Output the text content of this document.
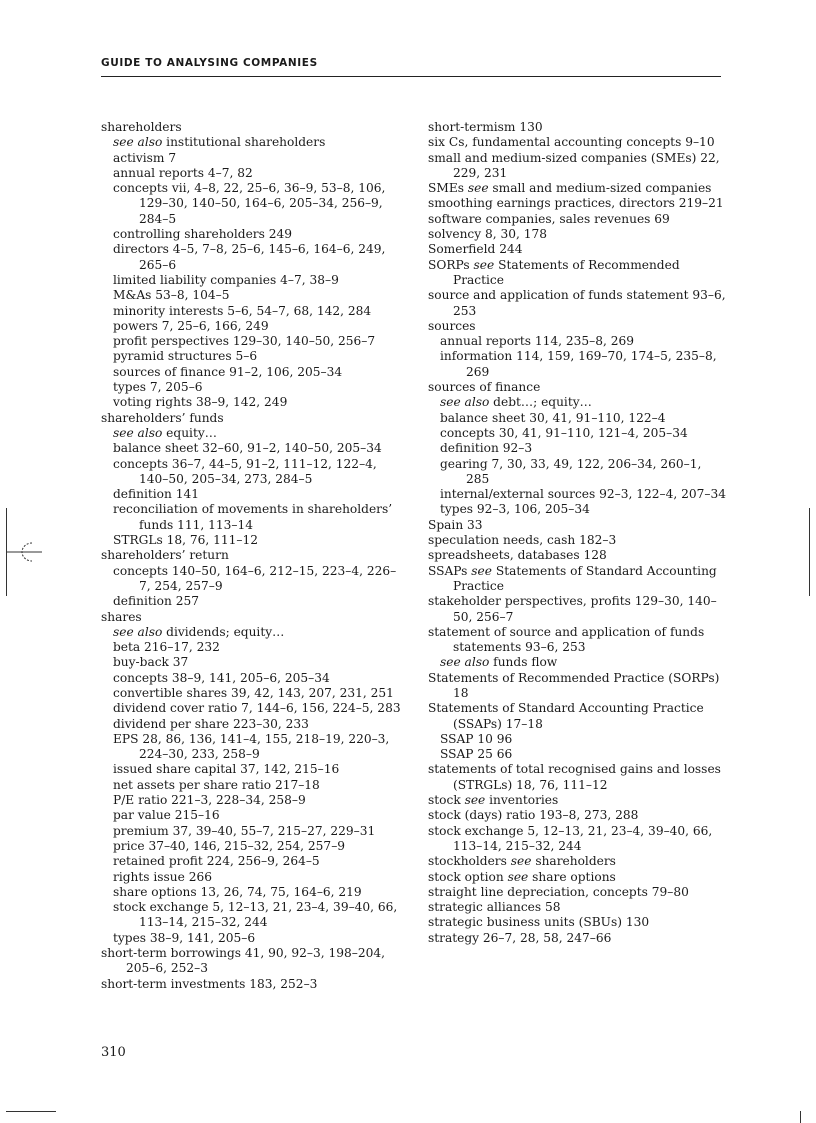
GUIDE TO ANALYSING COMPANIES

shareholders

see also institutional shareholders

activism 7

annual reports 4–7, 82

concepts vii, 4–8, 22, 25–6, 36–9, 53–8, 106, 129–30, 140–50, 164–6, 205–34, 256–9, 284–5

controlling shareholders 249

directors 4–5, 7–8, 25–6, 145–6, 164–6, 249, 265–6

limited liability companies 4–7, 38–9

M&As 53–8, 104–5

minority interests 5–6, 54–7, 68, 142, 284

powers 7, 25–6, 166, 249

profit perspectives 129–30, 140–50, 256–7

pyramid structures 5–6

sources of finance 91–2, 106, 205–34

types 7, 205–6

voting rights 38–9, 142, 249

shareholders’ funds

see also equity…

balance sheet 32–60, 91–2, 140–50, 205–34

concepts 36–7, 44–5, 91–2, 111–12, 122–4, 140–50, 205–34, 273, 284–5

definition 141

reconciliation of movements in shareholders’ funds 111, 113–14

STRGLs 18, 76, 111–12

shareholders’ return

concepts 140–50, 164–6, 212–15, 223–4, 226–7, 254, 257–9

definition 257

shares

see also dividends; equity…

beta 216–17, 232

buy-back 37

concepts 38–9, 141, 205–6, 205–34

convertible shares 39, 42, 143, 207, 231, 251

dividend cover ratio 7, 144–6, 156, 224–5, 283

dividend per share 223–30, 233

EPS 28, 86, 136, 141–4, 155, 218–19, 220–3, 224–30, 233, 258–9

issued share capital 37, 142, 215–16

net assets per share ratio 217–18

P/E ratio 221–3, 228–34, 258–9

par value 215–16

premium 37, 39–40, 55–7, 215–27, 229–31

price 37–40, 146, 215–32, 254, 257–9

retained profit 224, 256–9, 264–5

rights issue 266

share options 13, 26, 74, 75, 164–6, 219

stock exchange 5, 12–13, 21, 23–4, 39–40, 66, 113–14, 215–32, 244

types 38–9, 141, 205–6

short-term borrowings 41, 90, 92–3, 198–204, 205–6, 252–3

short-term investments 183, 252–3

short-termism 130

six Cs, fundamental accounting concepts 9–10

small and medium-sized companies (SMEs) 22, 229, 231

SMEs see small and medium-sized companies

smoothing earnings practices, directors 219–21

software companies, sales revenues 69

solvency 8, 30, 178

Somerfield 244

SORPs see Statements of Recommended Practice

source and application of funds statement 93–6, 253

sources

annual reports 114, 235–8, 269

information 114, 159, 169–70, 174–5, 235–8, 269

sources of finance

see also debt…; equity…

balance sheet 30, 41, 91–110, 122–4

concepts 30, 41, 91–110, 121–4, 205–34

definition 92–3

gearing 7, 30, 33, 49, 122, 206–34, 260–1, 285

internal/external sources 92–3, 122–4, 207–34

types 92–3, 106, 205–34

Spain 33

speculation needs, cash 182–3

spreadsheets, databases 128

SSAPs see Statements of Standard Accounting Practice

stakeholder perspectives, profits 129–30, 140–50, 256–7

statement of source and application of funds statements 93–6, 253

see also funds flow

Statements of Recommended Practice (SORPs) 18

Statements of Standard Accounting Practice (SSAPs) 17–18

SSAP 10 96

SSAP 25 66

statements of total recognised gains and losses (STRGLs) 18, 76, 111–12

stock see inventories

stock (days) ratio 193–8, 273, 288

stock exchange 5, 12–13, 21, 23–4, 39–40, 66, 113–14, 215–32, 244

stockholders see shareholders

stock option see share options

straight line depreciation, concepts 79–80

strategic alliances 58

strategic business units (SBUs) 130

strategy 26–7, 28, 58, 247–66

310
